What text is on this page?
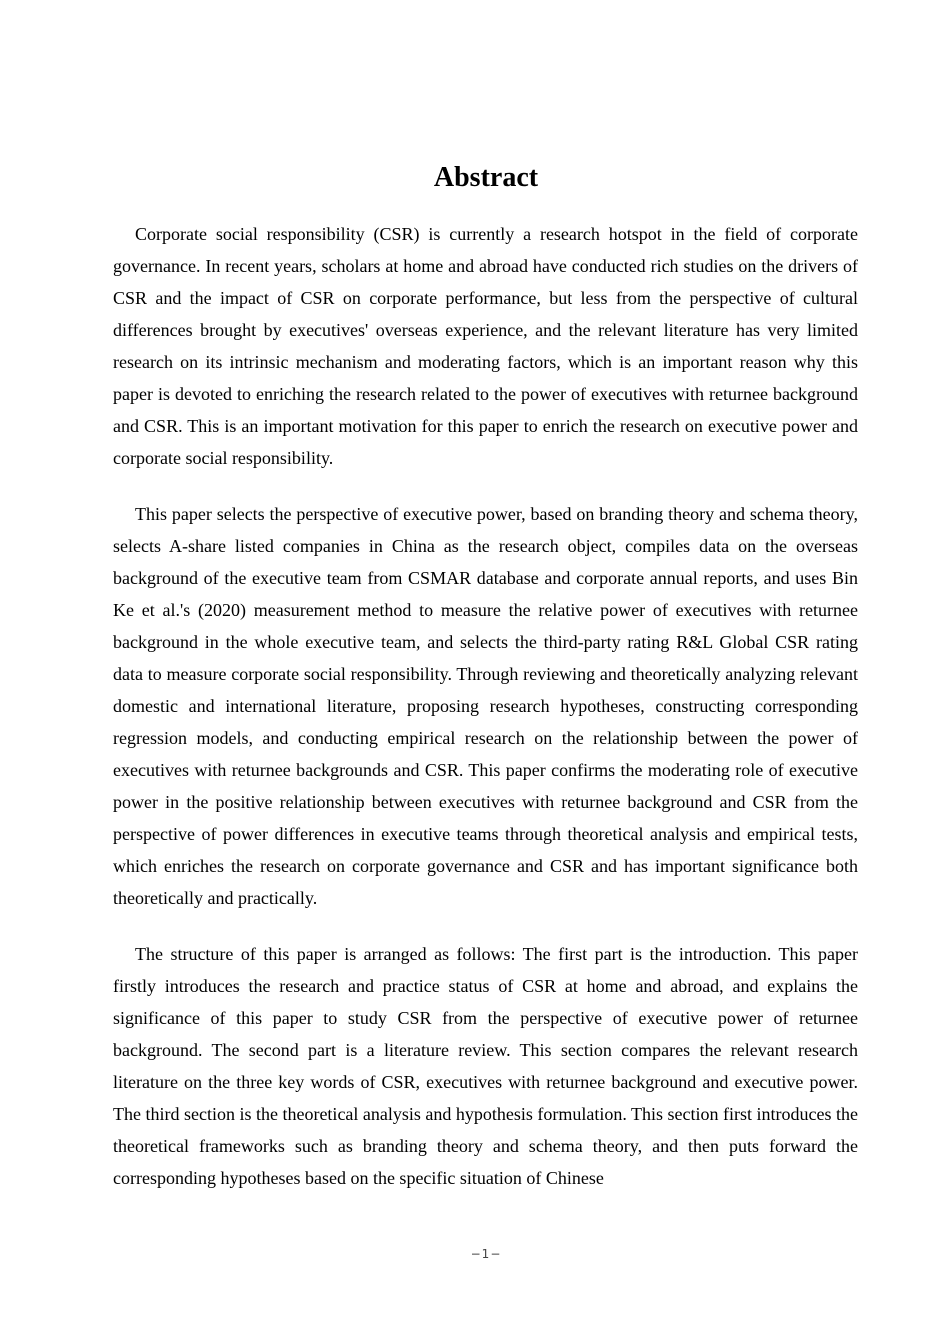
Abstract

Corporate social responsibility (CSR) is currently a research hotspot in the field of corporate governance. In recent years, scholars at home and abroad have conducted rich studies on the drivers of CSR and the impact of CSR on corporate performance, but less from the perspective of cultural differences brought by executives' overseas experience, and the relevant literature has very limited research on its intrinsic mechanism and moderating factors, which is an important reason why this paper is devoted to enriching the research related to the power of executives with returnee background and CSR. This is an important motivation for this paper to enrich the research on executive power and corporate social responsibility.

This paper selects the perspective of executive power, based on branding theory and schema theory, selects A-share listed companies in China as the research object, compiles data on the overseas background of the executive team from CSMAR database and corporate annual reports, and uses Bin Ke et al.'s (2020) measurement method to measure the relative power of executives with returnee background in the whole executive team, and selects the third-party rating R&L Global CSR rating data to measure corporate social responsibility. Through reviewing and theoretically analyzing relevant domestic and international literature, proposing research hypotheses, constructing corresponding regression models, and conducting empirical research on the relationship between the power of executives with returnee backgrounds and CSR. This paper confirms the moderating role of executive power in the positive relationship between executives with returnee background and CSR from the perspective of power differences in executive teams through theoretical analysis and empirical tests, which enriches the research on corporate governance and CSR and has important significance both theoretically and practically.

The structure of this paper is arranged as follows: The first part is the introduction. This paper firstly introduces the research and practice status of CSR at home and abroad, and explains the significance of this paper to study CSR from the perspective of executive power of returnee background. The second part is a literature review. This section compares the relevant research literature on the three key words of CSR, executives with returnee background and executive power. The third section is the theoretical analysis and hypothesis formulation. This section first introduces the theoretical frameworks such as branding theory and schema theory, and then puts forward the corresponding hypotheses based on the specific situation of Chinese

−1−
